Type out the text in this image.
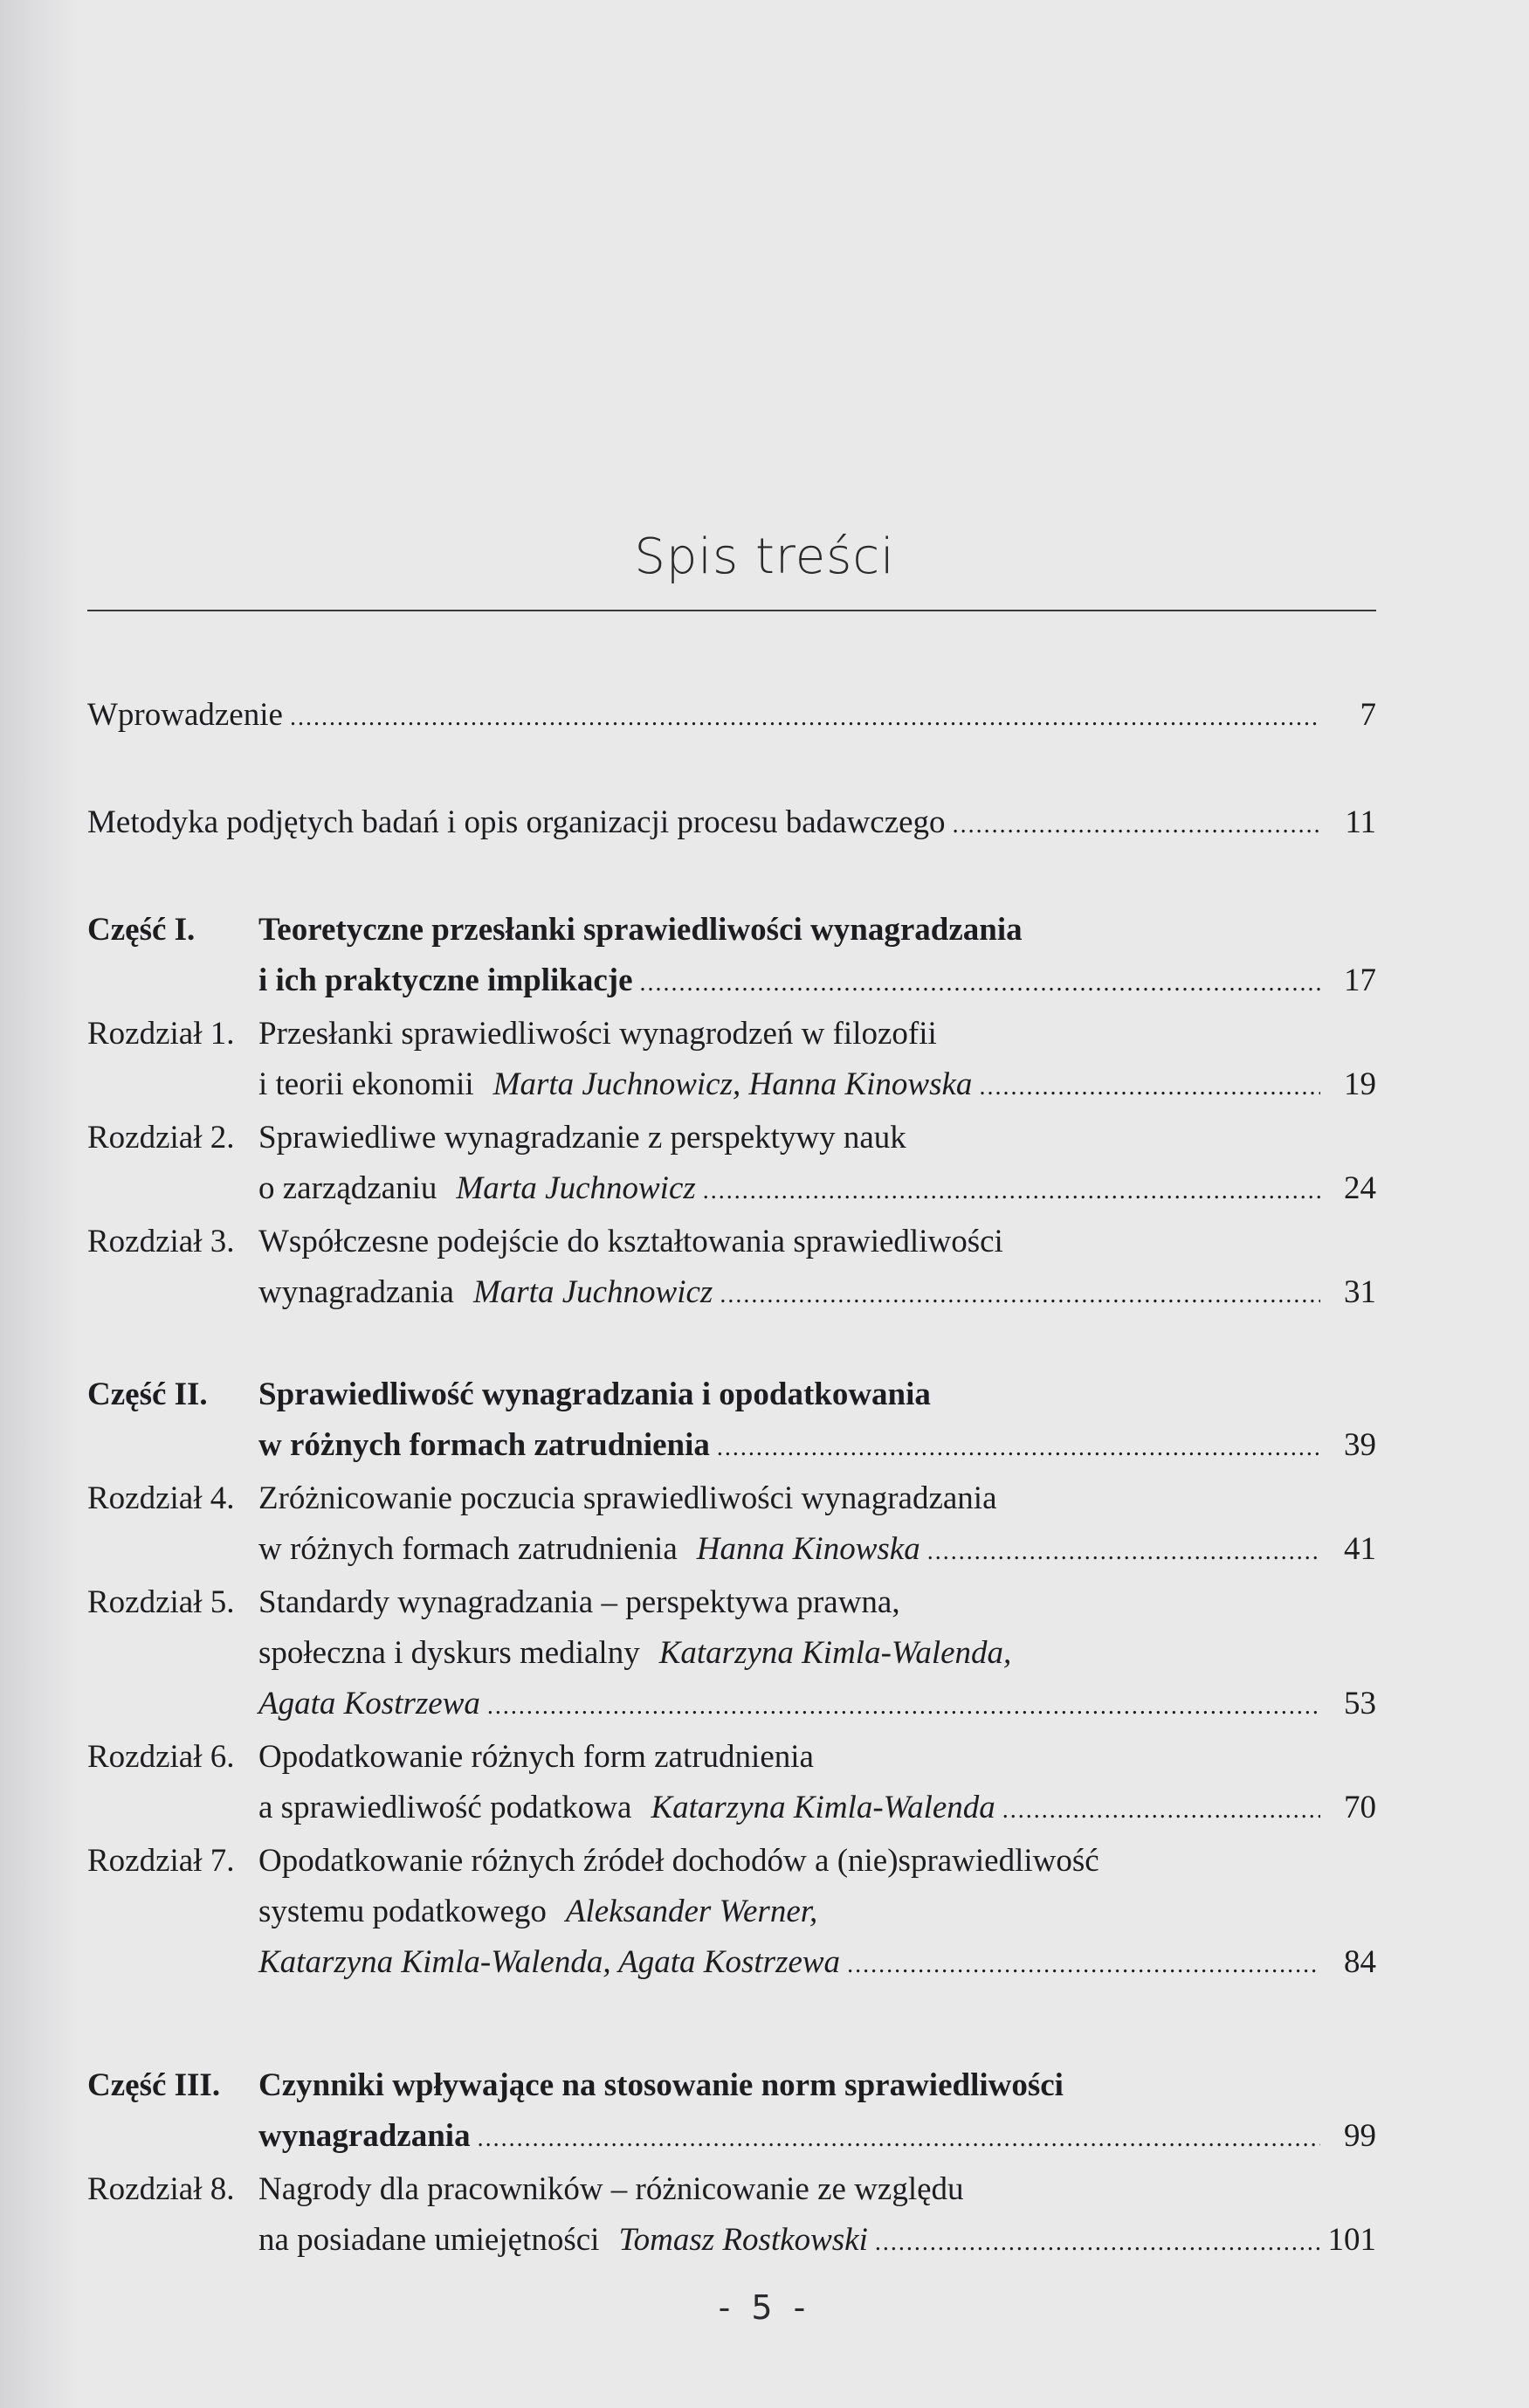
Spis treści
Wprowadzenie .....	7
Metodyka podjętych badań i opis organizacji procesu badawczego .....	11
Część I.	Teoretyczne przesłanki sprawiedliwości wynagradzania
i ich praktyczne implikacje .....	17
Rozdział 1. Przesłanki sprawiedliwości wynagrodzeń w filozofii
i teorii ekonomii Marta Juchnowicz, Hanna Kinowska .....	19
Rozdział 2. Sprawiedliwe wynagradzanie z perspektywy nauk
o zarządzaniu Marta Juchnowicz .....	24
Rozdział 3. Współczesne podejście do kształtowania sprawiedliwości
wynagradzania Marta Juchnowicz .....	31
Część II.	Sprawiedliwość wynagradzania i opodatkowania
w różnych formach zatrudnienia .....	39
Rozdział 4. Zróżnicowanie poczucia sprawiedliwości wynagradzania
w różnych formach zatrudnienia Hanna Kinowska .....	41
Rozdział 5. Standardy wynagradzania – perspektywa prawna,
społeczna i dyskurs medialny Katarzyna Kimla-Walenda,
Agata Kostrzewa .....	53
Rozdział 6. Opodatkowanie różnych form zatrudnienia
a sprawiedliwość podatkowa Katarzyna Kimla-Walenda .....	70
Rozdział 7. Opodatkowanie różnych źródeł dochodów a (nie)sprawiedliwość
systemu podatkowego Aleksander Werner,
Katarzyna Kimla-Walenda, Agata Kostrzewa .....	84
Część III.	Czynniki wpływające na stosowanie norm sprawiedliwości
wynagradzania .....	99
Rozdział 8. Nagrody dla pracowników – różnicowanie ze względu
na posiadane umiejętności Tomasz Rostkowski .....	101
- 5 -
